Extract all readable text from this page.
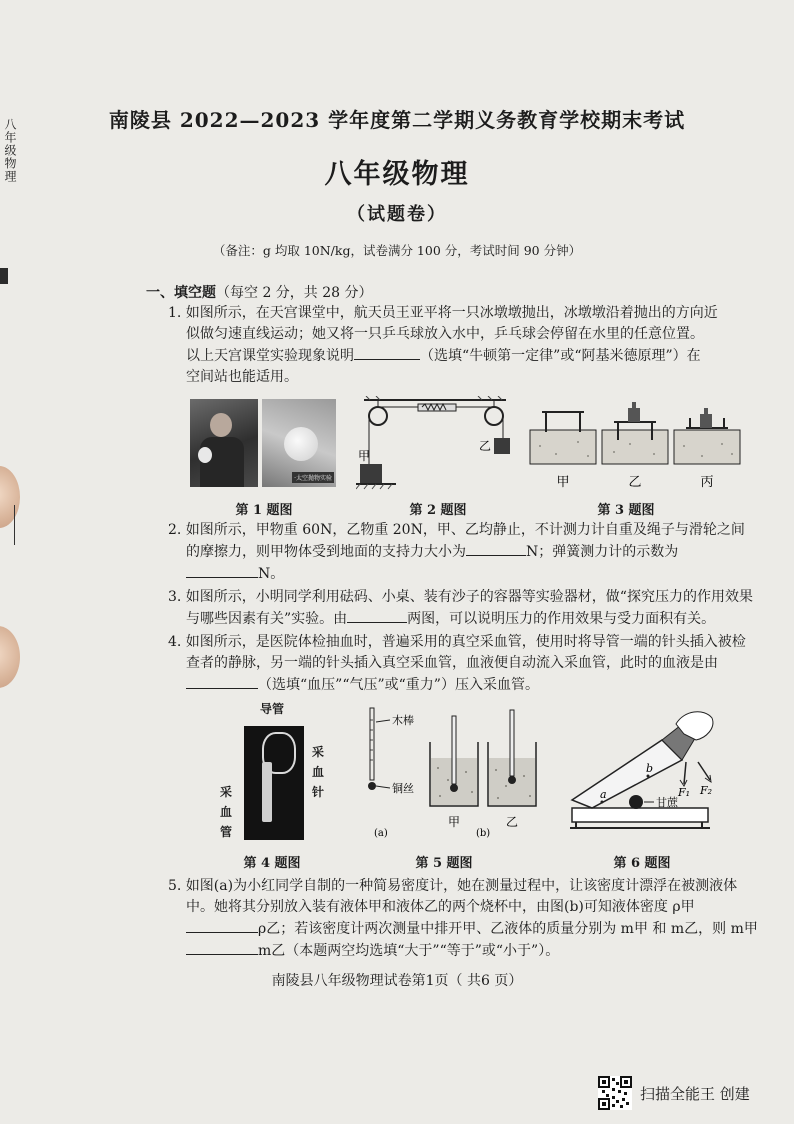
八年级物理	南陵县 2022—2023 学年度第二学期义务教育学校期末考试
八年级物理
（试题卷）
（备注：g 均取 10N/kg，试卷满分 100 分，考试时间 90 分钟）
一、填空题（每空 2 分，共 28 分）
1. 如图所示，在天宫课堂中，航天员王亚平将一只冰墩墩抛出，冰墩墩沿着抛出的方向近
似做匀速直线运动；她又将一只乒乓球放入水中，乒乓球会停留在水里的任意位置。
以上天宫课堂实验现象说明	（选填“牛顿第一定律”或“阿基米德原理”）在
空间站也能适用。
·太空抛物实验
第 1 题图
甲
乙
第 2 题图
甲	乙	丙
第 3 题图
2. 如图所示，甲物重 60N，乙物重 20N，甲、乙均静止，不计测力计自重及绳子与滑轮之间
的摩擦力，则甲物体受到地面的支持力大小为	N；弹簧测力计的示数为
N。
3. 如图所示，小明同学利用砝码、小桌、装有沙子的容器等实验器材，做“探究压力的作用效果
与哪些因素有关”实验。由	两图，可以说明压力的作用效果与受力面积有关。
4. 如图所示，是医院体检抽血时，普遍采用的真空采血管，使用时将导管一端的针头插入被检
查者的静脉，另一端的针头插入真空采血管，血液便自动流入采血管，此时的血液是由
（选填“血压”“气压”或“重力”）压入采血管。
导管
采血针
采血管
第 4 题图
木棒
铜丝
(a)
甲	乙
(b)
第 5 题图
a
b
F₁ F₂
甘蔗
第 6 题图
5. 如图(a)为小红同学自制的一种简易密度计，她在测量过程中，让该密度计漂浮在被测液体
中。她将其分别放入装有液体甲和液体乙的两个烧杯中，由图(b)可知液体密度 ρ甲
ρ乙；若该密度计两次测量中排开甲、乙液体的质量分别为 m甲 和 m乙，则 m甲
m乙（本题两空均选填“大于”“等于”或“小于”）。
南陵县八年级物理试卷第1页（ 共6 页）
扫描全能王 创建
